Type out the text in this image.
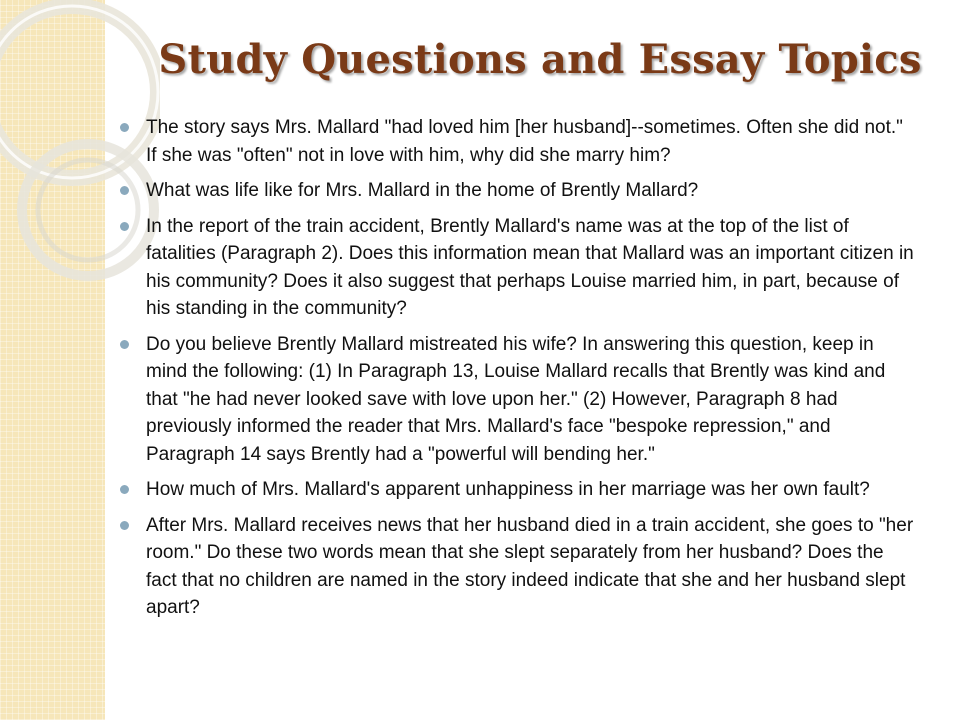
Study Questions and Essay Topics
The story says Mrs. Mallard "had loved him [her husband]--sometimes. Often she did not." If she was "often" not in love with him, why did she marry him?
What was life like for Mrs. Mallard in the home of Brently Mallard?
In the report of the train accident, Brently Mallard's name was at the top of the list of fatalities (Paragraph 2). Does this information mean that Mallard was an important citizen in his community? Does it also suggest that perhaps Louise married him, in part, because of his standing in the community?
Do you believe Brently Mallard mistreated his wife? In answering this question, keep in mind the following: (1) In Paragraph 13, Louise Mallard recalls that Brently was kind and that "he had never looked save with love upon her." (2) However, Paragraph 8 had previously informed the reader that Mrs. Mallard's face "bespoke repression," and Paragraph 14 says Brently had a "powerful will bending her."
How much of Mrs. Mallard's apparent unhappiness in her marriage was her own fault?
After Mrs. Mallard receives news that her husband died in a train accident, she goes to "her room." Do these two words mean that she slept separately from her husband? Does the fact that no children are named in the story indeed indicate that she and her husband slept apart?
